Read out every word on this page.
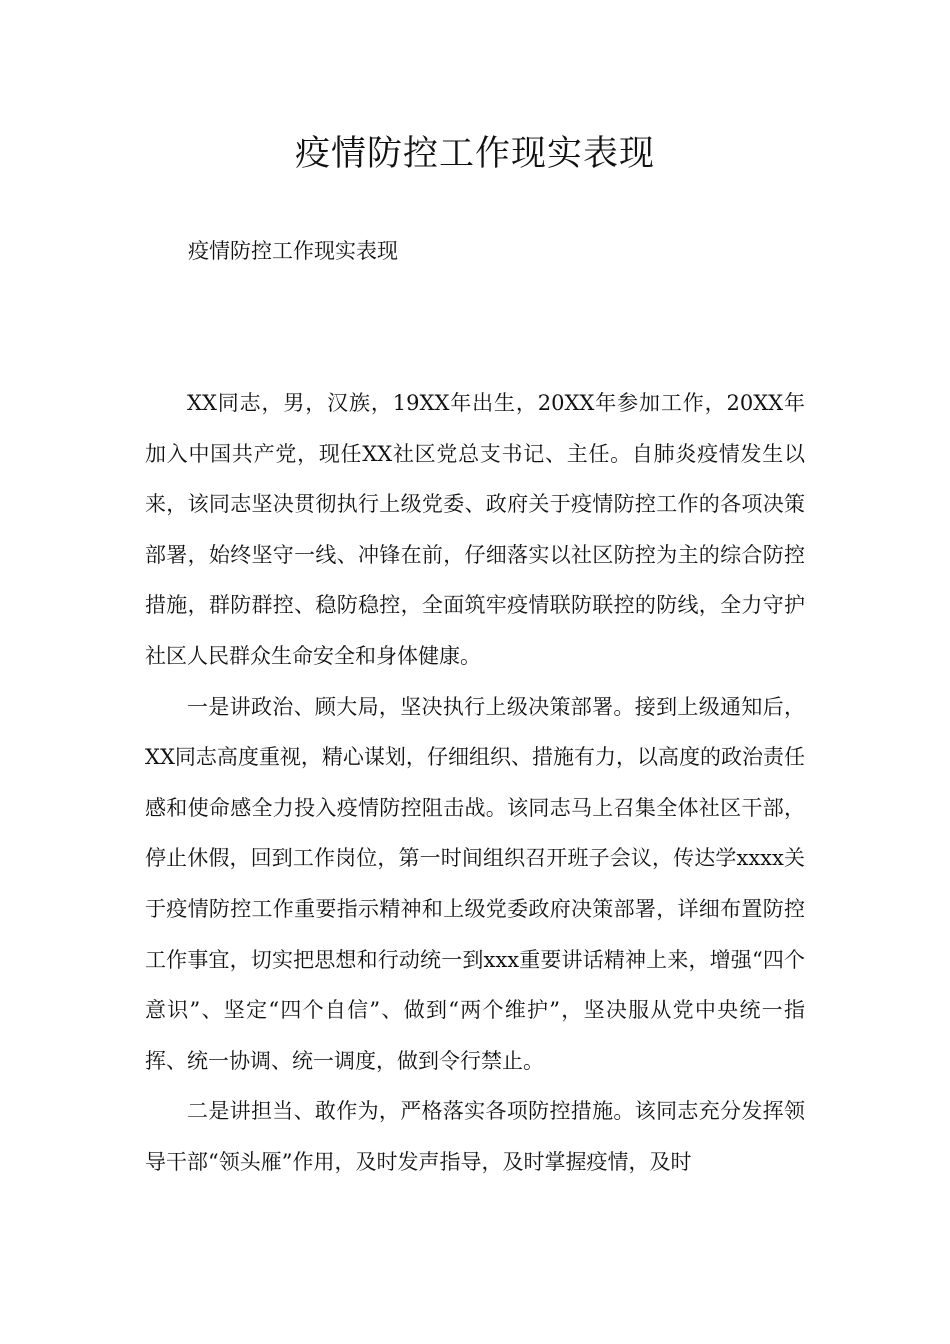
疫情防控工作现实表现

疫情防控工作现实表现

XX同志，男，汉族，19XX年出生，20XX年参加工作，20XX年加入中国共产党，现任XX社区党总支书记、主任。自肺炎疫情发生以来，该同志坚决贯彻执行上级党委、政府关于疫情防控工作的各项决策部署，始终坚守一线、冲锋在前，仔细落实以社区防控为主的综合防控措施，群防群控、稳防稳控，全面筑牢疫情联防联控的防线，全力守护社区人民群众生命安全和身体健康。

一是讲政治、顾大局，坚决执行上级决策部署。接到上级通知后，XX同志高度重视，精心谋划，仔细组织、措施有力，以高度的政治责任感和使命感全力投入疫情防控阻击战。该同志马上召集全体社区干部，停止休假，回到工作岗位，第一时间组织召开班子会议，传达学xxxx关于疫情防控工作重要指示精神和上级党委政府决策部署，详细布置防控工作事宜，切实把思想和行动统一到xxx重要讲话精神上来，增强“四个意识”、坚定“四个自信”、做到“两个维护”，坚决服从党中央统一指挥、统一协调、统一调度，做到令行禁止。

二是讲担当、敢作为，严格落实各项防控措施。该同志充分发挥领导干部“领头雁”作用，及时发声指导，及时掌握疫情，及时
